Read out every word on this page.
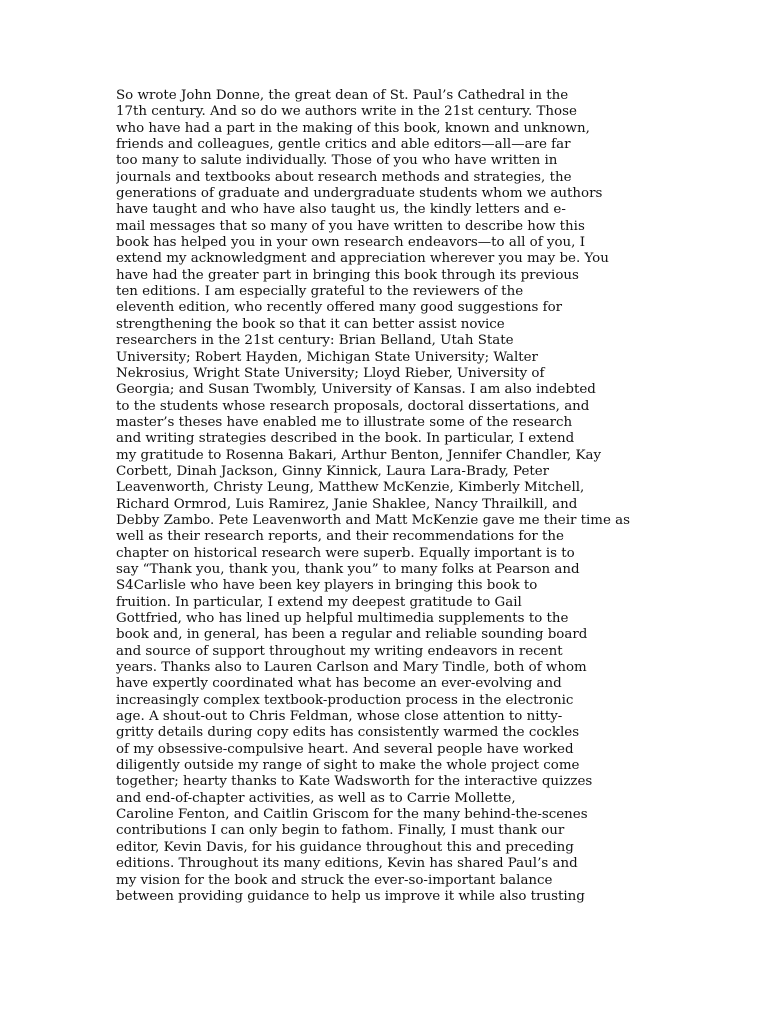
So wrote John Donne, the great dean of St. Paul’s Cathedral in the
17th century. And so do we authors write in the 21st century. Those
who have had a part in the making of this book, known and unknown,
friends and colleagues, gentle critics and able editors—all—are far
too many to salute individually. Those of you who have written in
journals and textbooks about research methods and strategies, the
generations of graduate and undergraduate students whom we authors
have taught and who have also taught us, the kindly letters and e-
mail messages that so many of you have written to describe how this
book has helped you in your own research endeavors—to all of you, I
extend my acknowledgment and appreciation wherever you may be. You
have had the greater part in bringing this book through its previous
ten editions. I am especially grateful to the reviewers of the
eleventh edition, who recently offered many good suggestions for
strengthening the book so that it can better assist novice
researchers in the 21st century: Brian Belland, Utah State
University; Robert Hayden, Michigan State University; Walter
Nekrosius, Wright State University; Lloyd Rieber, University of
Georgia; and Susan Twombly, University of Kansas. I am also indebted
to the students whose research proposals, doctoral dissertations, and
master’s theses have enabled me to illustrate some of the research
and writing strategies described in the book. In particular, I extend
my gratitude to Rosenna Bakari, Arthur Benton, Jennifer Chandler, Kay
Corbett, Dinah Jackson, Ginny Kinnick, Laura Lara-Brady, Peter
Leavenworth, Christy Leung, Matthew McKenzie, Kimberly Mitchell,
Richard Ormrod, Luis Ramirez, Janie Shaklee, Nancy Thrailkill, and
Debby Zambo. Pete Leavenworth and Matt McKenzie gave me their time as
well as their research reports, and their recommendations for the
chapter on historical research were superb. Equally important is to
say “Thank you, thank you, thank you” to many folks at Pearson and
S4Carlisle who have been key players in bringing this book to
fruition. In particular, I extend my deepest gratitude to Gail
Gottfried, who has lined up helpful multimedia supplements to the
book and, in general, has been a regular and reliable sounding board
and source of support throughout my writing endeavors in recent
years. Thanks also to Lauren Carlson and Mary Tindle, both of whom
have expertly coordinated what has become an ever-evolving and
increasingly complex textbook-production process in the electronic
age. A shout-out to Chris Feldman, whose close attention to nitty-
gritty details during copy edits has consistently warmed the cockles
of my obsessive-compulsive heart. And several people have worked
diligently outside my range of sight to make the whole project come
together; hearty thanks to Kate Wadsworth for the interactive quizzes
and end-of-chapter activities, as well as to Carrie Mollette,
Caroline Fenton, and Caitlin Griscom for the many behind-the-scenes
contributions I can only begin to fathom. Finally, I must thank our
editor, Kevin Davis, for his guidance throughout this and preceding
editions. Throughout its many editions, Kevin has shared Paul’s and
my vision for the book and struck the ever-so-important balance
between providing guidance to help us improve it while also trusting
